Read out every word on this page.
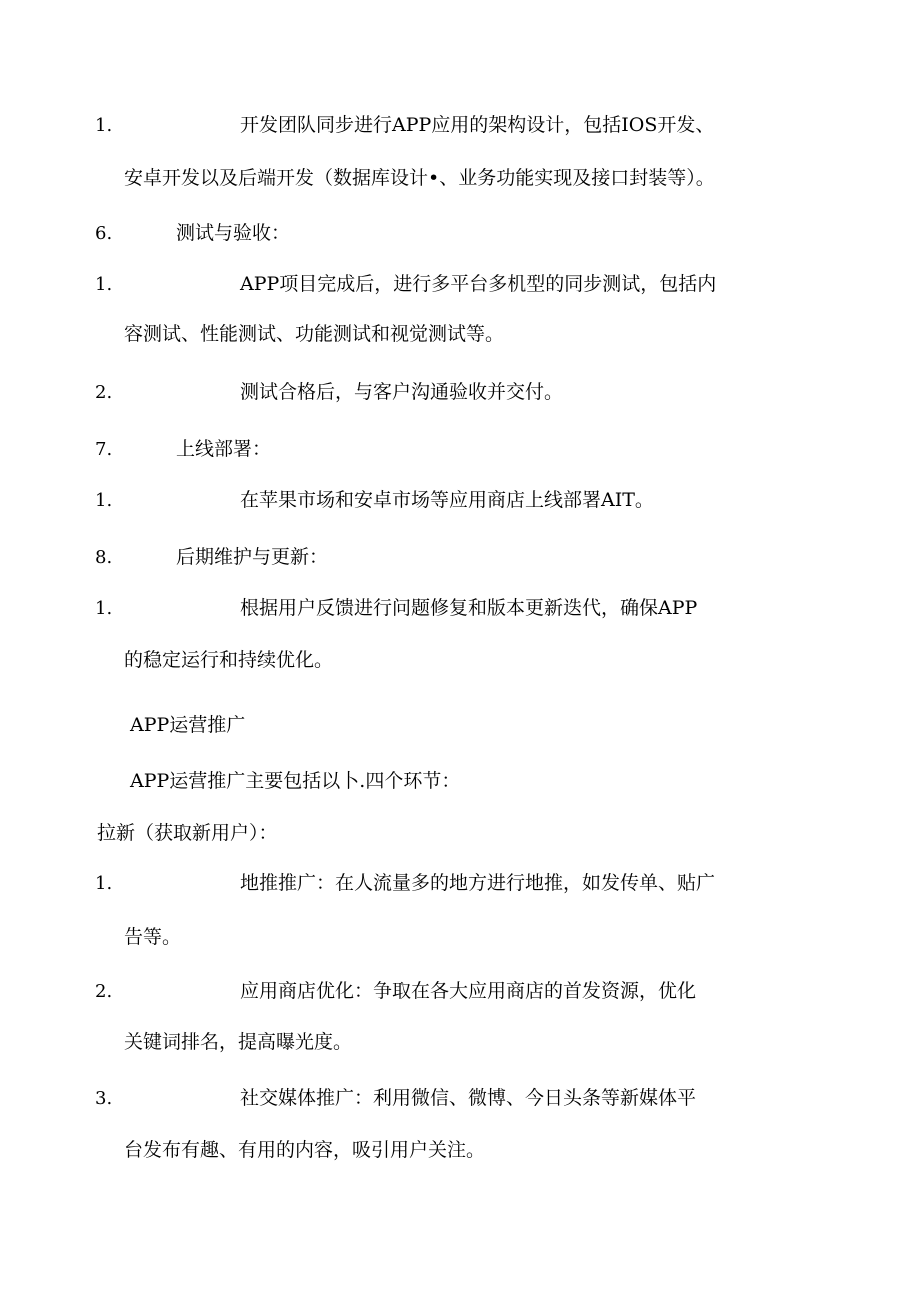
1.	开发团队同步进行APP应用的架构设计，包括IOS开发、
安卓开发以及后端开发（数据库设计•、业务功能实现及接口封装等）。
6.	测试与验收：
1.	APP项目完成后，进行多平台多机型的同步测试，包括内
容测试、性能测试、功能测试和视觉测试等。
2.	测试合格后，与客户沟通验收并交付。
7.	上线部署：
1.	在苹果市场和安卓市场等应用商店上线部署AIT。
8.	后期维护与更新：
1.	根据用户反馈进行问题修复和版本更新迭代，确保APP
的稳定运行和持续优化。
APP运营推广
APP运营推广主要包括以卜.四个环节：
拉新（获取新用户）：
1.	地推推广：在人流量多的地方进行地推，如发传单、贴广
告等。
2.	应用商店优化：争取在各大应用商店的首发资源，优化
关键词排名，提高曝光度。
3.	社交媒体推广：利用微信、微博、今日头条等新媒体平
台发布有趣、有用的内容，吸引用户关注。
